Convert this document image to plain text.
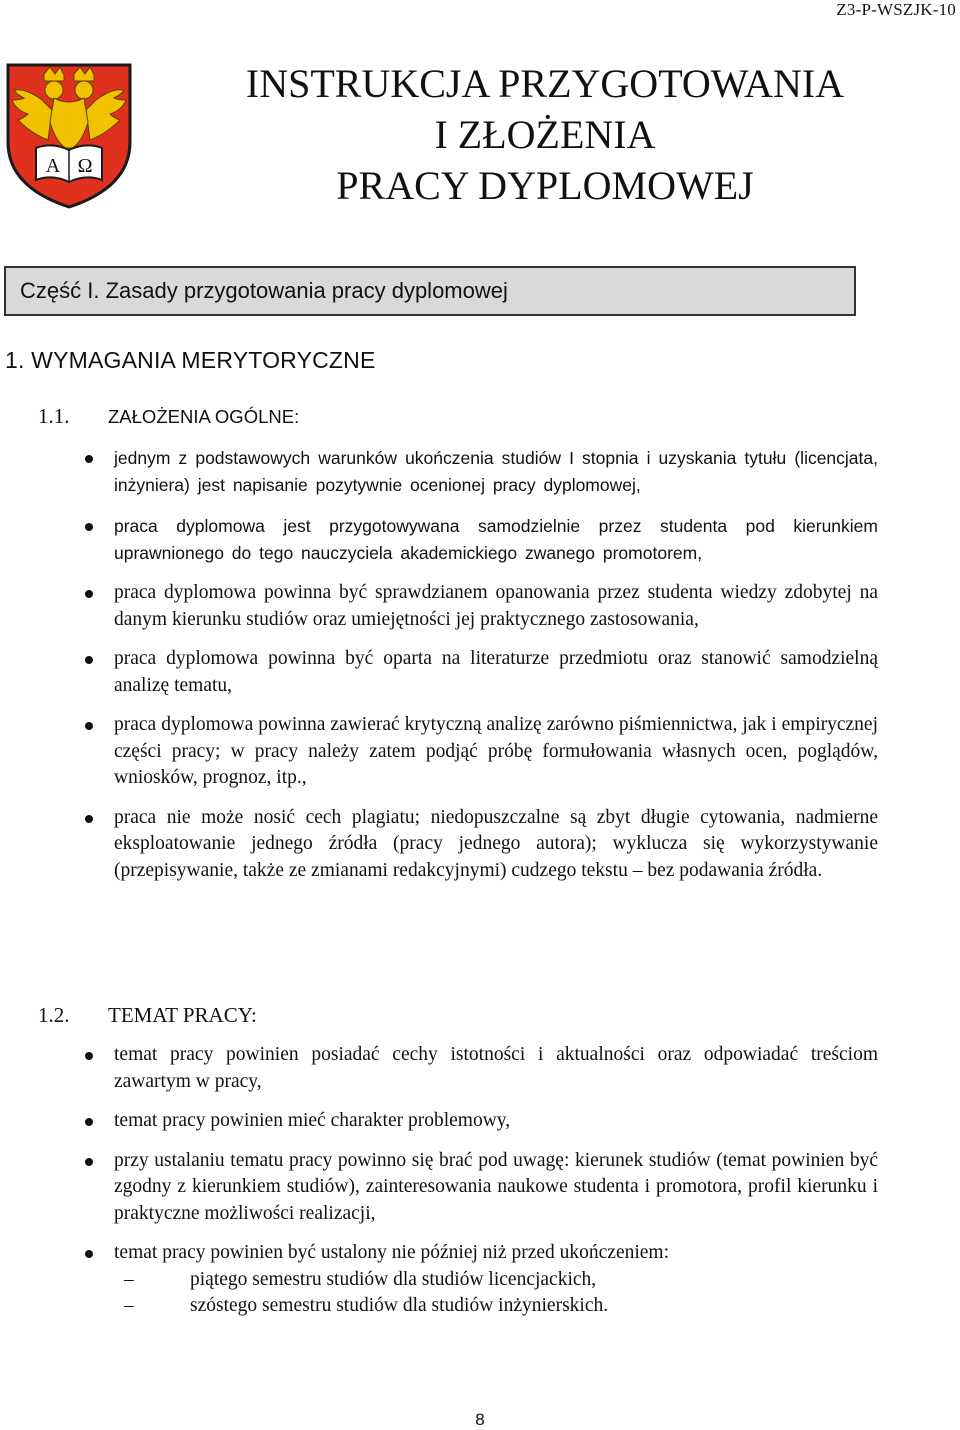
Z3-P-WSZJK-10
Α Ω
INSTRUKCJA PRZYGOTOWANIA
I ZŁOŻENIA
PRACY DYPLOMOWEJ
Część I. Zasady przygotowania pracy dyplomowej
1. WYMAGANIA MERYTORYCZNE
1.1. ZAŁOŻENIA OGÓLNE:
jednym z podstawowych warunków ukończenia studiów I stopnia i uzyskania tytułu (licencjata, inżyniera) jest napisanie pozytywnie ocenionej pracy dyplomowej,
praca dyplomowa jest przygotowywana samodzielnie przez studenta pod kierunkiem uprawnionego do tego nauczyciela akademickiego zwanego promotorem,
praca dyplomowa powinna być sprawdzianem opanowania przez studenta wiedzy zdobytej na danym kierunku studiów oraz umiejętności jej praktycznego zastosowania,
praca dyplomowa powinna być oparta na literaturze przedmiotu oraz stanowić samodzielną analizę tematu,
praca dyplomowa powinna zawierać krytyczną analizę zarówno piśmiennictwa, jak i empirycznej części pracy; w pracy należy zatem podjąć próbę formułowania własnych ocen, poglądów, wniosków, prognoz, itp.,
praca nie może nosić cech plagiatu; niedopuszczalne są zbyt długie cytowania, nadmierne eksploatowanie jednego źródła (pracy jednego autora); wyklucza się wykorzystywanie (przepisywanie, także ze zmianami redakcyjnymi) cudzego tekstu – bez podawania źródła.
1.2. TEMAT PRACY:
temat pracy powinien posiadać cechy istotności i aktualności oraz odpowiadać treściom zawartym w pracy,
temat pracy powinien mieć charakter problemowy,
przy ustalaniu tematu pracy powinno się brać pod uwagę: kierunek studiów (temat powinien być zgodny z kierunkiem studiów), zainteresowania naukowe studenta i promotora, profil kierunku i praktyczne możliwości realizacji,
temat pracy powinien być ustalony nie później niż przed ukończeniem:
–	piątego semestru studiów dla studiów licencjackich,
–	szóstego semestru studiów dla studiów inżynierskich.
8
